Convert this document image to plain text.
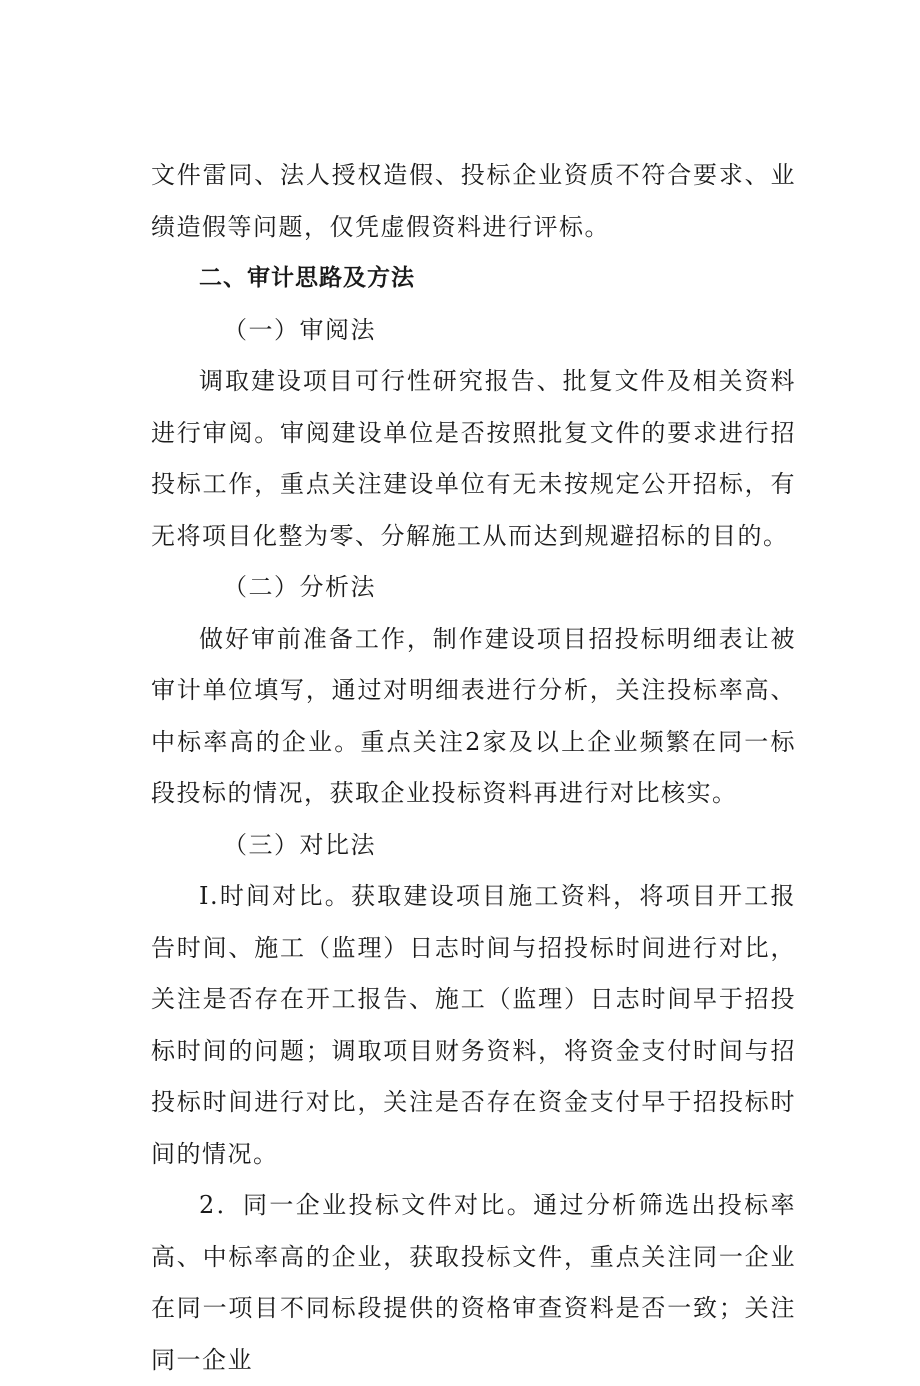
文件雷同、法人授权造假、投标企业资质不符合要求、业绩造假等问题，仅凭虚假资料进行评标。

二、审计思路及方法

（一）审阅法

调取建设项目可行性研究报告、批复文件及相关资料进行审阅。审阅建设单位是否按照批复文件的要求进行招投标工作，重点关注建设单位有无未按规定公开招标，有无将项目化整为零、分解施工从而达到规避招标的目的。

（二）分析法

做好审前准备工作，制作建设项目招投标明细表让被审计单位填写，通过对明细表进行分析，关注投标率高、中标率高的企业。重点关注2家及以上企业频繁在同一标段投标的情况，获取企业投标资料再进行对比核实。

（三）对比法

I.时间对比。获取建设项目施工资料，将项目开工报告时间、施工（监理）日志时间与招投标时间进行对比，关注是否存在开工报告、施工（监理）日志时间早于招投标时间的问题；调取项目财务资料，将资金支付时间与招投标时间进行对比，关注是否存在资金支付早于招投标时间的情况。

2．同一企业投标文件对比。通过分析筛选出投标率高、中标率高的企业，获取投标文件，重点关注同一企业在同一项目不同标段提供的资格审查资料是否一致；关注同一企业
